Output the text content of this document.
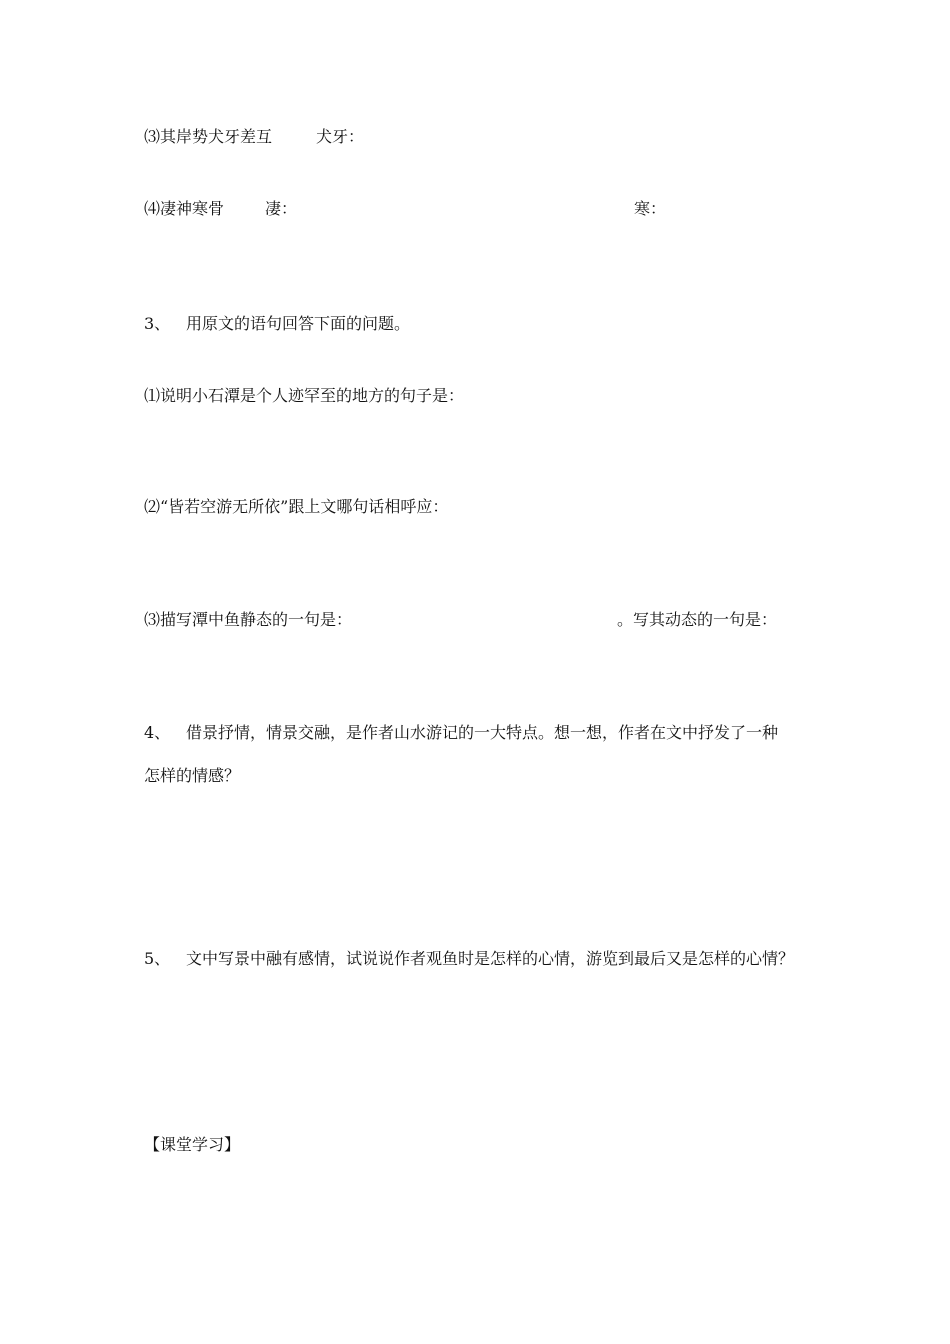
⑶其岸势犬牙差互	犬牙：
⑷凄神寒骨	凄：	寒：
3、 用原文的语句回答下面的问题。
⑴说明小石潭是个人迹罕至的地方的句子是：
⑵“皆若空游无所依”跟上文哪句话相呼应：
⑶描写潭中鱼静态的一句是：	。写其动态的一句是：
4、 借景抒情，情景交融，是作者山水游记的一大特点。想一想，作者在文中抒发了一种
怎样的情感？
5、 文中写景中融有感情，试说说作者观鱼时是怎样的心情，游览到最后又是怎样的心情？
【课堂学习】
